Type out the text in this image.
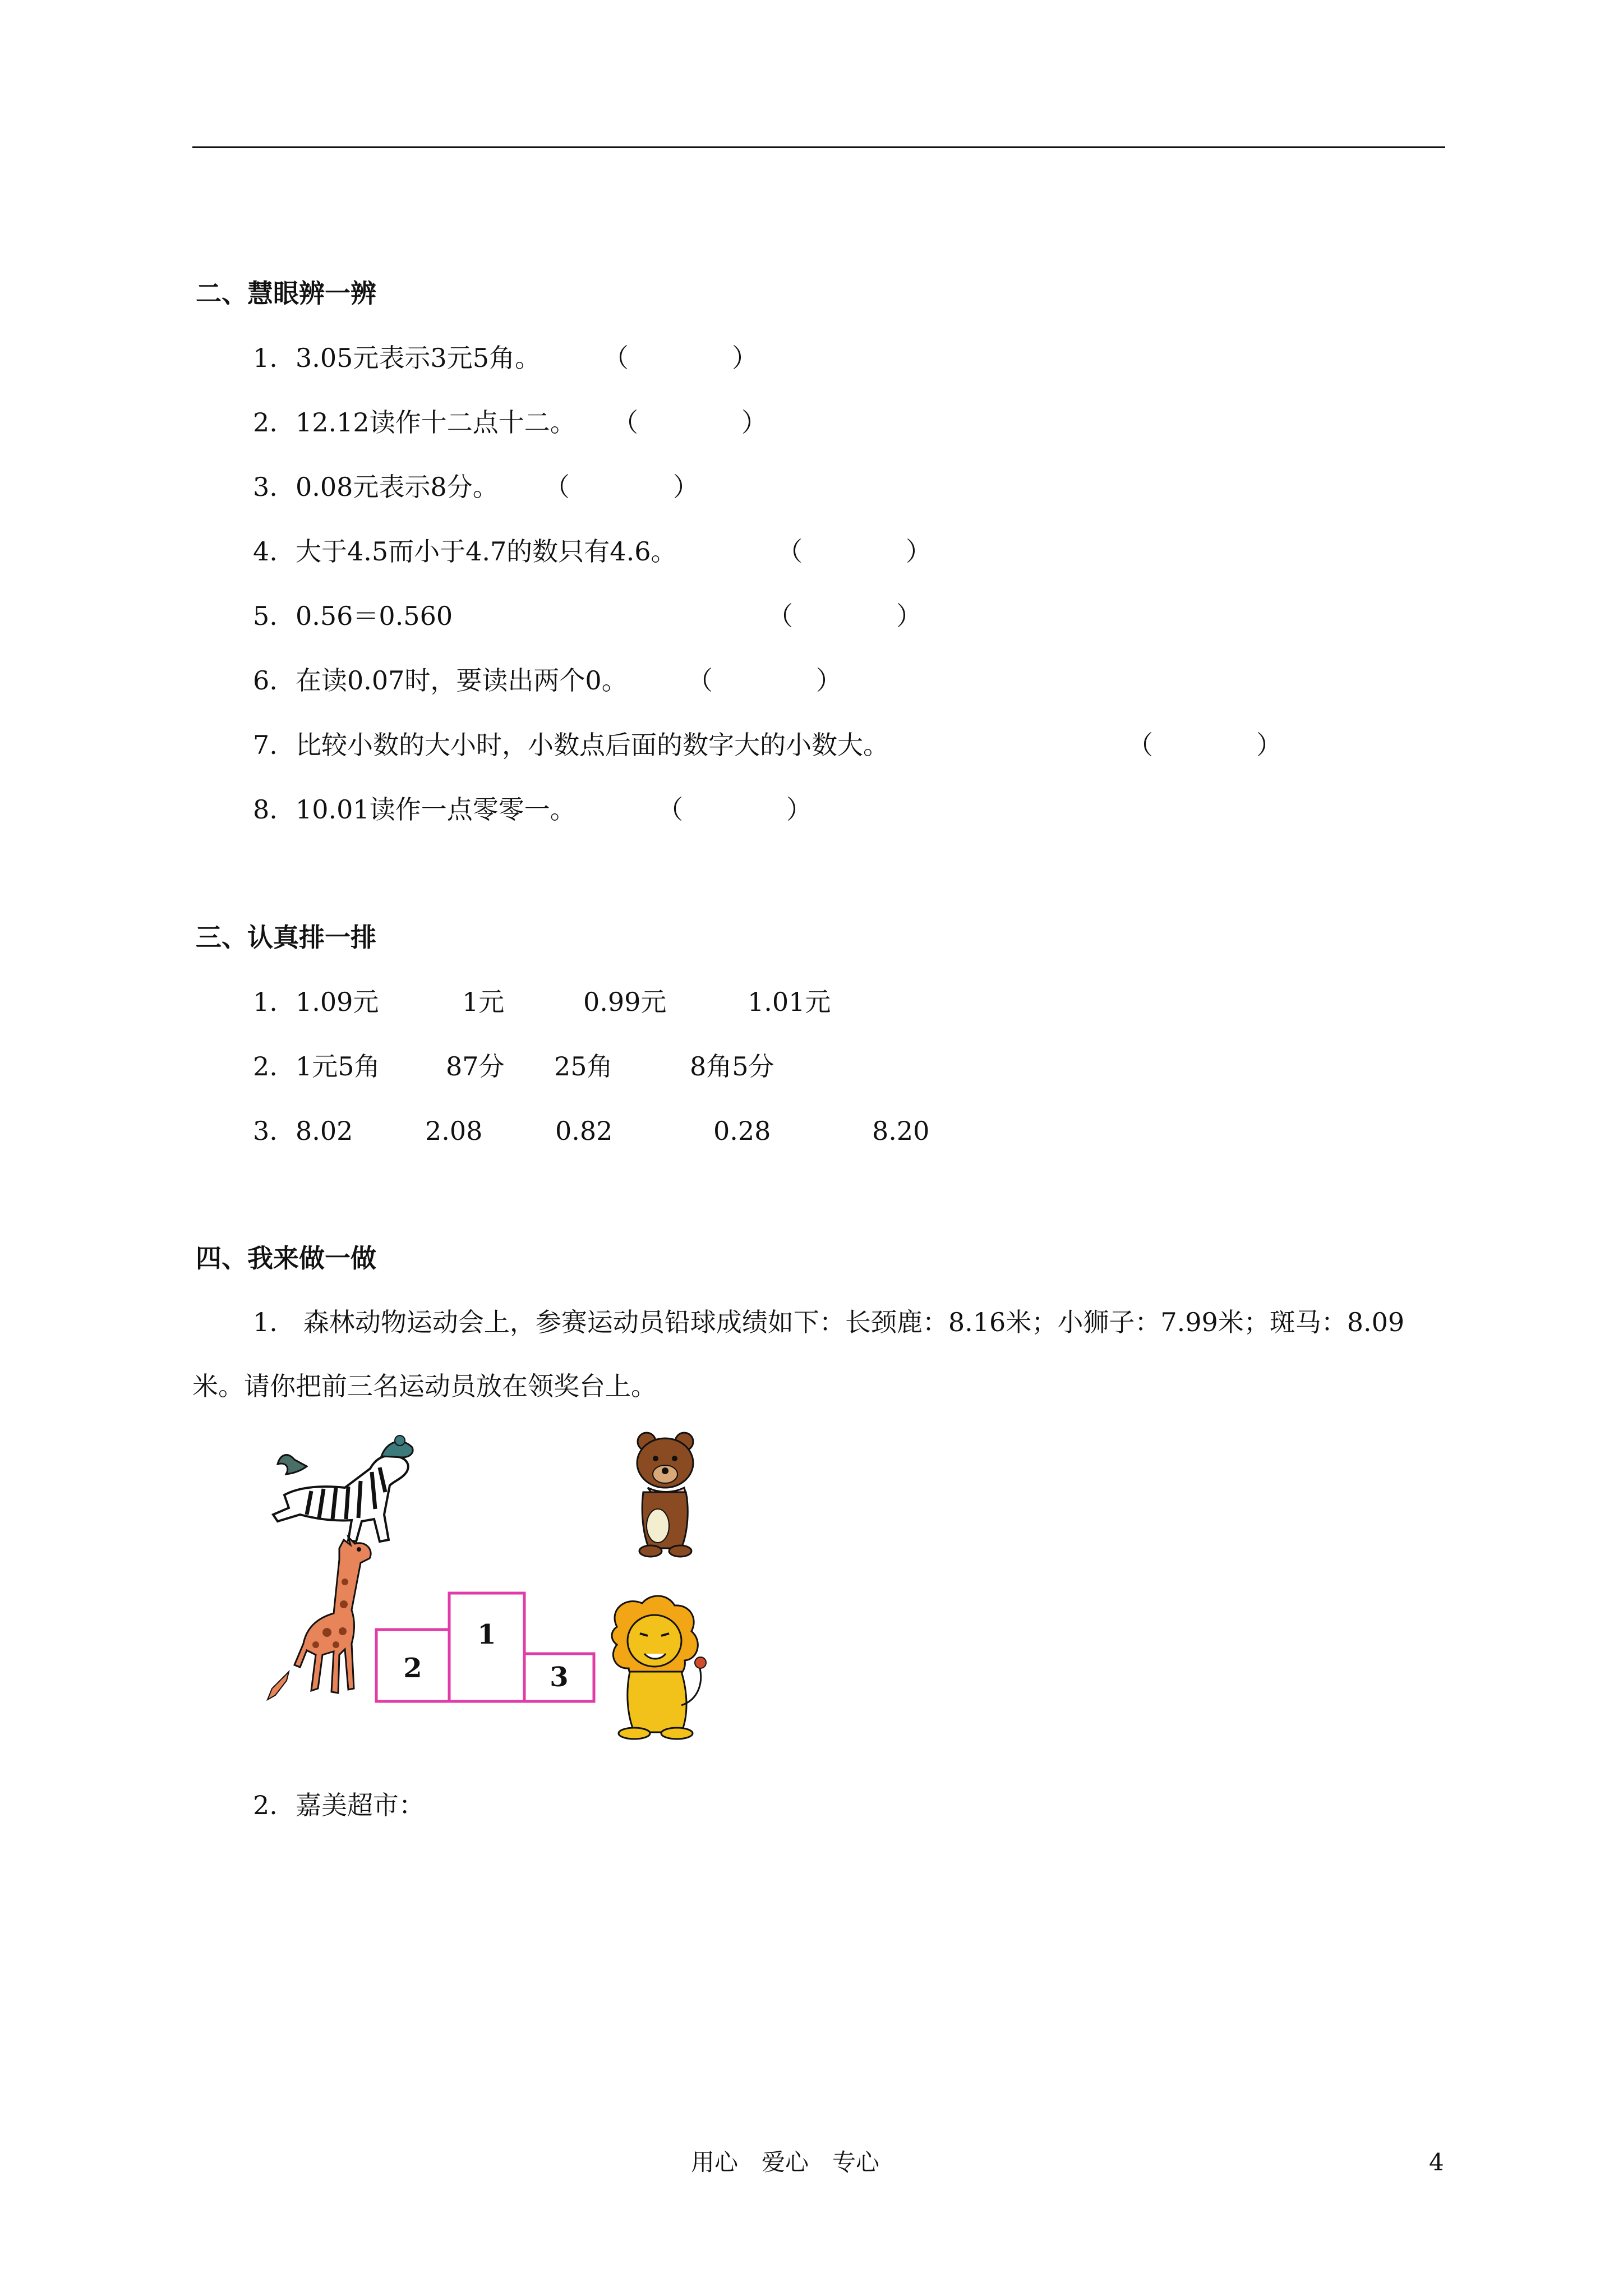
二、慧眼辨一辨
1. 3.05元表示3元5角。 （　　　　）
2. 12.12读作十二点十二。 （　　　　）
3. 0.08元表示8分。 （　　　　）
4. 大于4.5而小于4.7的数只有4.6。	（　　　　）
5. 0.56＝0.560	（　　　　）
6. 在读0.07时，要读出两个0。 （　　　　）
7. 比较小数的大小时，小数点后面的数字大的小数大。	（　　　　）
8. 10.01读作一点零零一。	（　　　　）
三、认真排一排
1. 1.09元	1元	0.99元	1.01元
2. 1元5角	87分 25角	8角5分
3. 8.02	2.08	0.82	0.28	8.20
四、我来做一做
1.　 森林动物运动会上，参赛运动员铅球成绩如下：长颈鹿：8.16米；小狮子：7.99米；斑马：8.09米。请你把前三名运动员放在领奖台上。
1
2	3
2. 嘉美超市：
用心　爱心　专心	4
